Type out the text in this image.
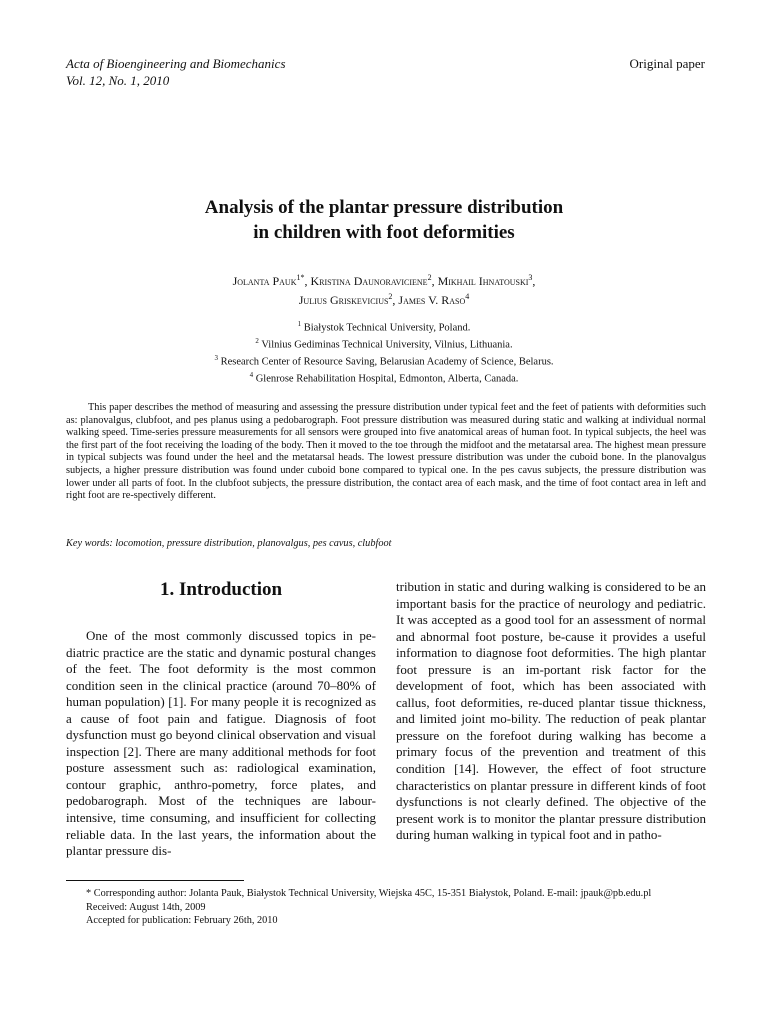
Acta of Bioengineering and Biomechanics
Vol. 12, No. 1, 2010
Original paper
Analysis of the plantar pressure distribution
in children with foot deformities
Jolanta Pauk$^{1*}$, Kristina Daunoraviciene$^2$, Mikhail Ihnatouski$^3$,
Julius Griskevicius$^2$, James V. Raso$^4$
$^1$ Białystok Technical University, Poland.
$^2$ Vilnius Gediminas Technical University, Vilnius, Lithuania.
$^3$ Research Center of Resource Saving, Belarusian Academy of Science, Belarus.
$^4$ Glenrose Rehabilitation Hospital, Edmonton, Alberta, Canada.
This paper describes the method of measuring and assessing the pressure distribution under typical feet and the feet of patients with deformities such as: planovalgus, clubfoot, and pes planus using a pedobarograph. Foot pressure distribution was measured during static and walking at individual normal walking speed. Time-series pressure measurements for all sensors were grouped into five anatomical areas of human foot. In typical subjects, the heel was the first part of the foot receiving the loading of the body. Then it moved to the toe through the midfoot and the metatarsal area. The highest mean pressure in typical subjects was found under the heel and the metatarsal heads. The lowest pressure distribution was under the cuboid bone. In the planovalgus subjects, a higher pressure distribution was found under cuboid bone compared to typical one. In the pes cavus subjects, the pressure distribution was lower under all parts of foot. In the clubfoot subjects, the pressure distribution, the contact area of each mask, and the time of foot contact area in left and right foot are re-spectively different.
Key words: locomotion, pressure distribution, planovalgus, pes cavus, clubfoot
1. Introduction
One of the most commonly discussed topics in pe-diatric practice are the static and dynamic postural changes of the feet. The foot deformity is the most common condition seen in the clinical practice (around 70–80% of human population) [1]. For many people it is recognized as a cause of foot pain and fatigue. Diagnosis of foot dysfunction must go beyond clinical observation and visual inspection [2]. There are many additional methods for foot posture assessment such as: radiological examination, contour graphic, anthro-pometry, force plates, and pedobarograph. Most of the techniques are labour-intensive, time consuming, and insufficient for collecting reliable data. In the last years, the information about the plantar pressure dis-
tribution in static and during walking is considered to be an important basis for the practice of neurology and pediatric. It was accepted as a good tool for an assessment of normal and abnormal foot posture, be-cause it provides a useful information to diagnose foot deformities. The high plantar foot pressure is an im-portant risk factor for the development of foot, which has been associated with callus, foot deformities, re-duced plantar tissue thickness, and limited joint mo-bility. The reduction of peak plantar pressure on the forefoot during walking has become a primary focus of the prevention and treatment of this condition [14]. However, the effect of foot structure characteristics on plantar pressure in different kinds of foot dysfunctions is not clearly defined. The objective of the present work is to monitor the plantar pressure distribution during human walking in typical foot and in patho-
* Corresponding author: Jolanta Pauk, Białystok Technical University, Wiejska 45C, 15-351 Białystok, Poland. E-mail: jpauk@pb.edu.pl
Received: August 14th, 2009
Accepted for publication: February 26th, 2010
